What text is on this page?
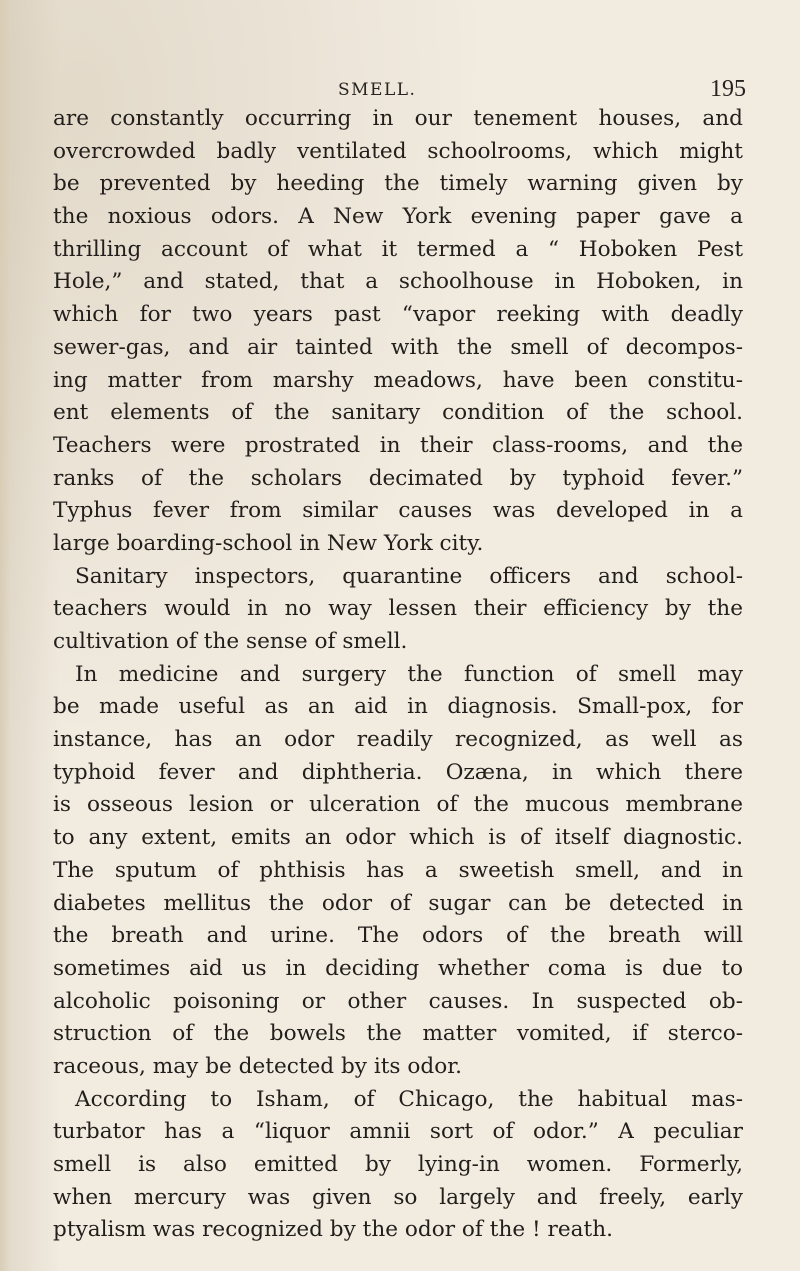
SMELL.	195
are constantly occurring in our tenement houses, and
overcrowded badly ventilated schoolrooms, which might
be prevented by heeding the timely warning given by
the noxious odors. A New York evening paper gave a
thrilling account of what it termed a “ Hoboken Pest
Hole,” and stated, that a schoolhouse in Hoboken, in
which for two years past “vapor reeking with deadly
sewer-gas, and air tainted with the smell of decompos-
ing matter from marshy meadows, have been constitu-
ent elements of the sanitary condition of the school.
Teachers were prostrated in their class-rooms, and the
ranks of the scholars decimated by typhoid fever.”
Typhus fever from similar causes was developed in a
large boarding-school in New York city.
Sanitary inspectors, quarantine officers and school-
teachers would in no way lessen their efficiency by the
cultivation of the sense of smell.
In medicine and surgery the function of smell may
be made useful as an aid in diagnosis. Small-pox, for
instance, has an odor readily recognized, as well as
typhoid fever and diphtheria. Ozæna, in which there
is osseous lesion or ulceration of the mucous membrane
to any extent, emits an odor which is of itself diagnostic.
The sputum of phthisis has a sweetish smell, and in
diabetes mellitus the odor of sugar can be detected in
the breath and urine. The odors of the breath will
sometimes aid us in deciding whether coma is due to
alcoholic poisoning or other causes. In suspected ob-
struction of the bowels the matter vomited, if sterco-
raceous, may be detected by its odor.
According to Isham, of Chicago, the habitual mas-
turbator has a “liquor amnii sort of odor.” A peculiar
smell is also emitted by lying-in women. Formerly,
when mercury was given so largely and freely, early
ptyalism was recognized by the odor of the ! reath.
